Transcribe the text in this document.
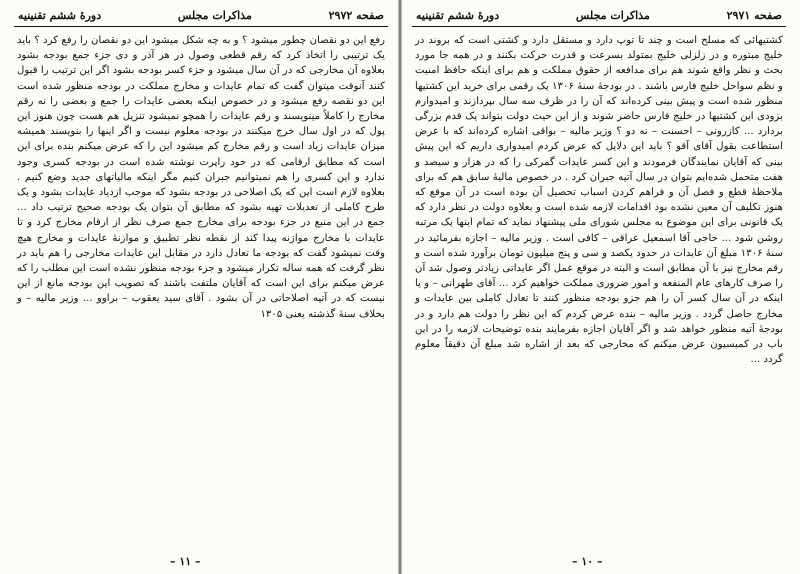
دورهٔ ششم تقنینیه	مذاکرات مجلس	صفحه ۲۹۷۲

رفع این دو نقصان چطور میشود ؟ و به چه شکل میشود این دو نقصان را رفع کرد ؟ باید یک ترتیبی را اتخاذ کرد که رقم قطعی وصول در هر آذر و دی جزء جمع بودجه بشود بعلاوه آن مخارجی که در آن سال میشود و جزء کسر بودجه بشود اگر این ترتیب را قبول کنند آنوقت میتوان گفت که تمام عایدات و مخارج مملکت در بودجه منظور شده است این دو نقصه رفع میشود و در خصوص اینکه بعضی عایدات را جمع و بعضی را نه رقم مخارج را کاملاً مینویسند و رقم عایدات را همچو نمیشود تنزیل هم هست چون هنوز این پول که در اول سال خرج میکنند در بودجه معلوم نیست و اگر اینها را بنویسند همیشه میزان عایدات زیاد است و رقم مخارج کم میشود این را که عرض میکنم بنده برای این است که مطابق ارقامی که در خود راپرت نوشته شده است در بودجه کسری وجود ندارد و این کسری را هم نمیتوانیم جبران کنیم مگر اینکه مالیاتهای جدید وضع کنیم . بعلاوه لازم است این که یک اصلاحی در بودجه بشود که موجب ازدیاد عایدات بشود و یک طرح کاملی از تعدیلات تهیه بشود که مطابق آن بتوان یک بودجه صحیح ترتیب داد ... جمع در این منبع در جزء بودجه برای مخارج جمع صرف نظر از ارقام مخارج کرد و تا عایدات با مخارج موازنه پیدا کند از نقطه نظر تطبیق و موازنهٔ عایدات و مخارج هیچ وقت نمیشود گفت که بودجه ما تعادل دارد در مقابل این عایدات مخارجی را هم باید در نظر گرفت که همه ساله تکرار میشود و جزء بودجه منظور نشده است این مطلب را که عرض میکنم برای این است که آقایان ملتفت باشند که تصویب این بودجه مانع از این نیست که در آتیه اصلاحاتی در آن بشود . آقای سید یعقوب – براوو ... وزیر مالیه – و بخلاف سنهٔ گذشته یعنی ۱۳۰۵

– ۱۱ –
دورهٔ ششم تقنینیه	مذاکرات مجلس	صفحه ۲۹۷۱

کشتیهائی که مسلح است و چند تا توپ دارد و مستقل دارد و کشتی است که بروند در خلیج مبتوره و در زلزلی خلیج بمتولد بسرعت و قدرت حرکت بکنند و در همه جا مورد بحث و نظر واقع شوند هم برای مدافعه از حقوق مملکت و هم برای اینکه حافظ امنیت و نظم سواحل خلیج فارس باشند . در بودجهٔ سنهٔ ۱۳۰۶ یک رقمی برای خرید این کشتیها منظور شده است و پیش بینی کرده‌اند که آن را در ظرف سه سال بپردازند و امیدوارم بزودی این کشتیها در خلیج فارس حاضر شوند و از این حیث دولت بتواند یک قدم بزرگی بردارد ... کازرونی – احسنت – نه دو ؟ وزیر مالیه – بواقی اشاره کرده‌اند که با عرض استطاعت بقول آقای آقو ؟ باید این دلایل که عرض کردم امیدواری داریم که این پیش بینی که آقایان نمایندگان فرمودند و این کسر عایدات گمرکی را که در هزار و سیصد و هفت متحمل شده‌ایم بتوان در سال آتیه جبران کرد . در خصوص مالیهٔ سابق هم که برای ملاحظهٔ قطع و فصل آن و فراهم کردن اسباب تحصیل آن بوده است در آن موقع که هنوز تکلیف آن معین نشده بود اقدامات لازمه شده است و بعلاوه دولت در نظر دارد که یک قانونی برای این موضوع به مجلس شورای ملی پیشنهاد نماید که تمام اینها یک مرتبه روشن شود ... حاجی آقا اسمعیل عراقی – کافی است . وزیر مالیه – اجازه بفرمائید در سنهٔ ۱۳۰۶ مبلغ آن عایدات در حدود یکصد و سی و پنج میلیون تومان برآورد شده است و رقم مخارج نیز با آن مطابق است و البته در موقع عمل اگر عایداتی زیادتر وصول شد آن را صرف کارهای عام المنفعه و امور ضروری مملکت خواهیم کرد ... آقای طهرانی – و یا اینکه در آن سال کسر آن را هم جزو بودجه منظور کنند تا تعادل کاملی بین عایدات و مخارج حاصل گردد . وزیر مالیه – بنده عرض کردم که این نظر را دولت هم دارد و در بودجهٔ آتیه منظور خواهد شد و اگر آقایان اجازه بفرمایند بنده توضیحات لازمه را در این باب در کمیسیون عرض میکنم که مخارجی که بعد از اشاره شد مبلغ آن دقیقاً معلوم گردد ...

– ۱۰ –
